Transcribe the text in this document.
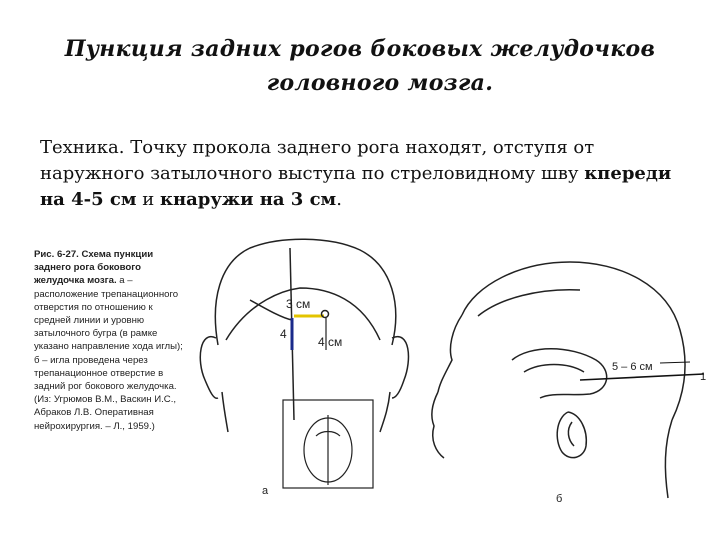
Пункция задних рогов боковых желудочков
головного мозга.
Техника. Точку прокола заднего рога находят, отступя от наружного затылочного выступа по стреловидному шву кпереди на 4-5 см и кнаружи на 3 см.
Рис. 6-27. Схема пункции заднего рога бокового желудочка мозга. а – расположение трепанационного отверстия по отношению к средней линии и уровню затылочного бугра (в рамке указано направление хода иглы); б – игла проведена через трепанационное отверстие в задний рог бокового желудочка. (Из: Угрюмов В.М., Васкин И.С., Абраков Л.В. Оперативная нейрохирургия. – Л., 1959.)
3 см
4
4 см
а
5 – 6 см
1
б
